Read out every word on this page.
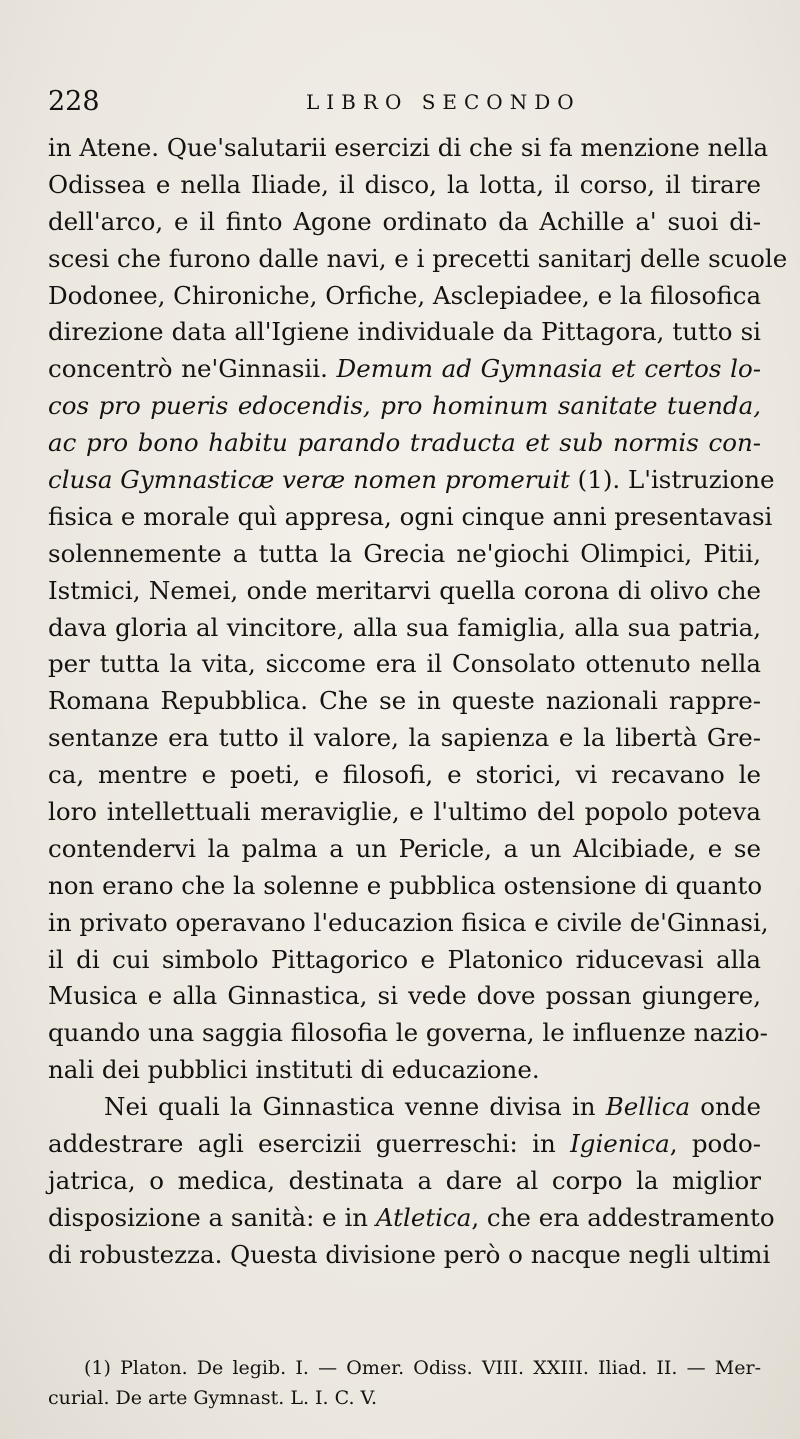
228	LIBRO SECONDO
in Atene. Que'salutarii esercizi di che si fa menzione nella
Odissea e nella Iliade, il disco, la lotta, il corso, il tirare
dell'arco, e il finto Agone ordinato da Achille a' suoi di-
scesi che furono dalle navi, e i precetti sanitarj delle scuole
Dodonee, Chironiche, Orfiche, Asclepiadee, e la filosofica
direzione data all'Igiene individuale da Pittagora, tutto si
concentrò ne'Ginnasii. Demum ad Gymnasia et certos lo-
cos pro pueris edocendis, pro hominum sanitate tuenda,
ac pro bono habitu parando traducta et sub normis con-
clusa Gymnasticæ veræ nomen promeruit (1). L'istruzione
fisica e morale quì appresa, ogni cinque anni presentavasi
solennemente a tutta la Grecia ne'giochi Olimpici, Pitii,
Istmici, Nemei, onde meritarvi quella corona di olivo che
dava gloria al vincitore, alla sua famiglia, alla sua patria,
per tutta la vita, siccome era il Consolato ottenuto nella
Romana Repubblica. Che se in queste nazionali rappre-
sentanze era tutto il valore, la sapienza e la libertà Gre-
ca, mentre e poeti, e filosofi, e storici, vi recavano le
loro intellettuali meraviglie, e l'ultimo del popolo poteva
contendervi la palma a un Pericle, a un Alcibiade, e se
non erano che la solenne e pubblica ostensione di quanto
in privato operavano l'educazion fisica e civile de'Ginnasi,
il di cui simbolo Pittagorico e Platonico riducevasi alla
Musica e alla Ginnastica, si vede dove possan giungere,
quando una saggia filosofia le governa, le influenze nazio-
nali dei pubblici instituti di educazione.
Nei quali la Ginnastica venne divisa in Bellica onde
addestrare agli esercizii guerreschi: in Igienica, podo-
jatrica, o medica, destinata a dare al corpo la miglior
disposizione a sanità: e in Atletica, che era addestramento
di robustezza. Questa divisione però o nacque negli ultimi
(1) Platon. De legib. I. — Omer. Odiss. VIII. XXIII. Iliad. II. — Mer-
curial. De arte Gymnast. L. I. C. V.
